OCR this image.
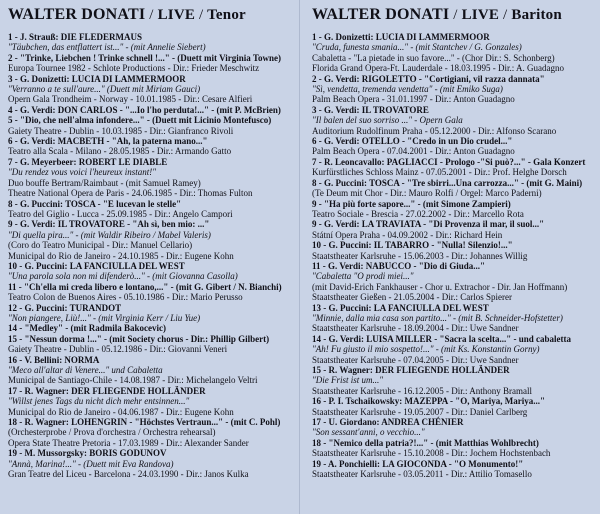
WALTER DONATI / LIVE / Tenor
1 - J. Strauß: DIE FLEDERMAUS
"Täubchen, das entflattert ist..." - (mit Annelie Siebert)
2 - "Trinke, Liebchen ! Trinke schnell !..." - (Duett mit Virginia Towne)
Europa Tournee 1982 - Schlote Productions - Dir.: Frieder Meschwitz
3 - G. Donizetti: LUCIA DI LAMMERMOOR
"Verranno a te sull'aure..." (Duett mit Miriam Gauci)
Opern Gala Trondheim - Norway - 10.01.1985 - Dir.: Cesare Alfieri
4 - G. Verdi: DON CARLOS - "...Io l'ho perduta!..." - (mit P. McBrien)
5 - "Dio, che nell'alma infondere..." - (Duett mit Licinio Montefusco)
Gaiety Theatre - Dublin - 10.03.1985 - Dir.: Gianfranco Rivoli
6 - G. Verdi: MACBETH - "Ah, la paterna mano..."
Teatro alla Scala - Milano - 28.05.1985 - Dir.: Armando Gatto
7 - G. Meyerbeer: ROBERT LE DIABLE
"Du rendez vous voici l'heureux instant!"
Duo bouffe Bertram/Raimbaut - (mit Samuel Ramey)
Theatre National Opera de Paris - 24.06.1985 - Dir.: Thomas Fulton
8 - G. Puccini: TOSCA - "E lucevan le stelle"
Teatro del Giglio - Lucca - 25.09.1985 - Dir.: Angelo Campori
9 - G. Verdi: IL TROVATORE - "Ah sì, ben mio: ..."
"Di quella pira..." - (mit Waldir Ribeiro / Mabel Valeris)
(Coro do Teatro Municipal - Dir.: Manuel Cellario)
Municipal do Rio de Janeiro - 24.10.1985 - Dir.: Eugene Kohn
10 - G. Puccini: LA FANCIULLA DEL WEST
"Una parola sola non mi difenderò..." - (mit Giovanna Casolla)
11 - "Ch'ella mi creda libero e lontano,..." - (mit G. Gibert / N. Bianchi)
Teatro Colon de Buenos Aires - 05.10.1986 - Dir.: Mario Perusso
12 - G. Puccini: TURANDOT
"Non piangere, Liù!..." - (mit Virginia Kerr / Liu Yue)
14 - "Medley" - (mit Radmila Bakocevic)
15 - "Nessun dorma !..." - (mit Society chorus - Dir.: Phillip Gilbert)
Gaiety Theatre - Dublin - 05.12.1986 - Dir.: Giovanni Veneri
16 - V. Bellini: NORMA
"Meco all'altar di Venere..." und Cabaletta
Municipal de Santiago-Chile - 14.08.1987 - Dir.: Michelangelo Veltri
17 - R. Wagner: DER FLIEGENDE HOLLÄNDER
"Willst jenes Tags du nicht dich mehr entsinnen..."
Municipal do Rio de Janeiro - 04.06.1987 - Dir.: Eugene Kohn
18 - R. Wagner: LOHENGRIN - "Höchstes Vertraun..." - (mit C. Pohl)
(Orchesterprobe / Prova d'orchestra / Orchestra rehearsal)
Opera State Theatre Pretoria - 17.03.1989 - Dir.: Alexander Sander
19 - M. Mussorgsky: BORIS GODUNOV
"Annà, Marina!..." - (Duett mit Eva Randova)
Gran Teatre del Liceu - Barcelona - 24.03.1990 - Dir.: Janos Kulka
WALTER DONATI / LIVE / Bariton
1 - G. Donizetti: LUCIA DI LAMMERMOOR
"Cruda, funesta smania..." - (mit Stantchev / G. Gonzales)
Cabaletta - "La pietade in suo favore..." - (Chor Dir.: S. Schonberg)
Florida Grand Opera-Ft. Lauderdale - 18.03.1995 - Dir.: A. Guadagno
2 - G. Verdi: RIGOLETTO - "Cortigiani, vil razza dannata"
"Sì, vendetta, tremenda vendetta" - (mit Emiko Suga)
Palm Beach Opera - 31.01.1997 - Dir.: Anton Guadagno
3 - G. Verdi: IL TROVATORE
"Il balen del suo sorriso ..." - Opern Gala
Auditorium Rudolfinum Praha - 05.12.2000 - Dir.: Alfonso Scarano
6 - G. Verdi: OTELLO - "Credo in un Dio crudel..."
Palm Beach Opera - 07.04.2001 - Dir.: Anton Guadagno
7 - R. Leoncavallo: PAGLIACCI - Prologo -"Si può?..." - Gala Konzert
Kurfürstliches Schloss Mainz - 07.05.2001 - Dir.: Prof. Helghe Dorsch
8 - G. Puccini: TOSCA - "Tre sbirri...Una carrozza..." - (mit G. Maini)
(Te Deum mit Chor - Dir.: Mauro Rolfi / Orgel: Marco Paderni)
9 - "Ha più forte sapore..." - (mit Simone Zampieri)
Teatro Sociale - Brescia - 27.02.2002 - Dir.: Marcello Rota
9 - G. Verdi: LA TRAVIATA - "Di Provenza il mar, il suol..."
Státní Opera Praha - 04.09.2002 - Dir.: Richard Hein
10 - G. Puccini: IL TABARRO - "Nulla! Silenzio!..."
Staatstheater Karlsruhe - 15.06.2003 - Dir.: Johannes Willig
11 - G. Verdi: NABUCCO - "Dio di Giuda..."
"Cabaletta "O prodi miei..."
(mit David-Erich Fankhauser - Chor u. Extrachor - Dir. Jan Hoffmann)
Staatstheater Gießen - 21.05.2004 - Dir.: Carlos Spierer
13 - G. Puccini: LA FANCIULLA DEL WEST
"Minnie, dalla mia casa son partito..." - (mit B. Schneider-Hofstetter)
Staatstheater Karlsruhe - 18.09.2004 - Dir.: Uwe Sandner
14 - G. Verdi: LUISA MILLER - "Sacra la scelta..." - und cabaletta
"Ah! Fu giusto il mio sospetto!..." - (mit Ks. Konstantin Gorny)
Staatstheater Karlsruhe - 07.04.2005 - Dir.: Uwe Sandner
15 - R. Wagner: DER FLIEGENDE HOLLÄNDER
"Die Frist ist um..."
Staatstheater Karlsruhe - 16.12.2005 - Dir.: Anthony Bramall
16 - P. I. Tschaikowsky: MAZEPPA - "O, Mariya, Mariya..."
Staatstheater Karlsruhe - 19.05.2007 - Dir.: Daniel Carlberg
17 - U. Giordano: ANDREA CHÉNIER
"Son sessant'anni, o vecchio..."
18 - "Nemico della patria?!..." - (mit Matthias Wohlbrecht)
Staatstheater Karlsruhe - 15.10.2008 - Dir.: Jochem Hochstenbach
19 - A. Ponchielli: LA GIOCONDA - "O Monumento!"
Staatstheater Karlsruhe - 03.05.2011 - Dir.: Attilio Tomasello
